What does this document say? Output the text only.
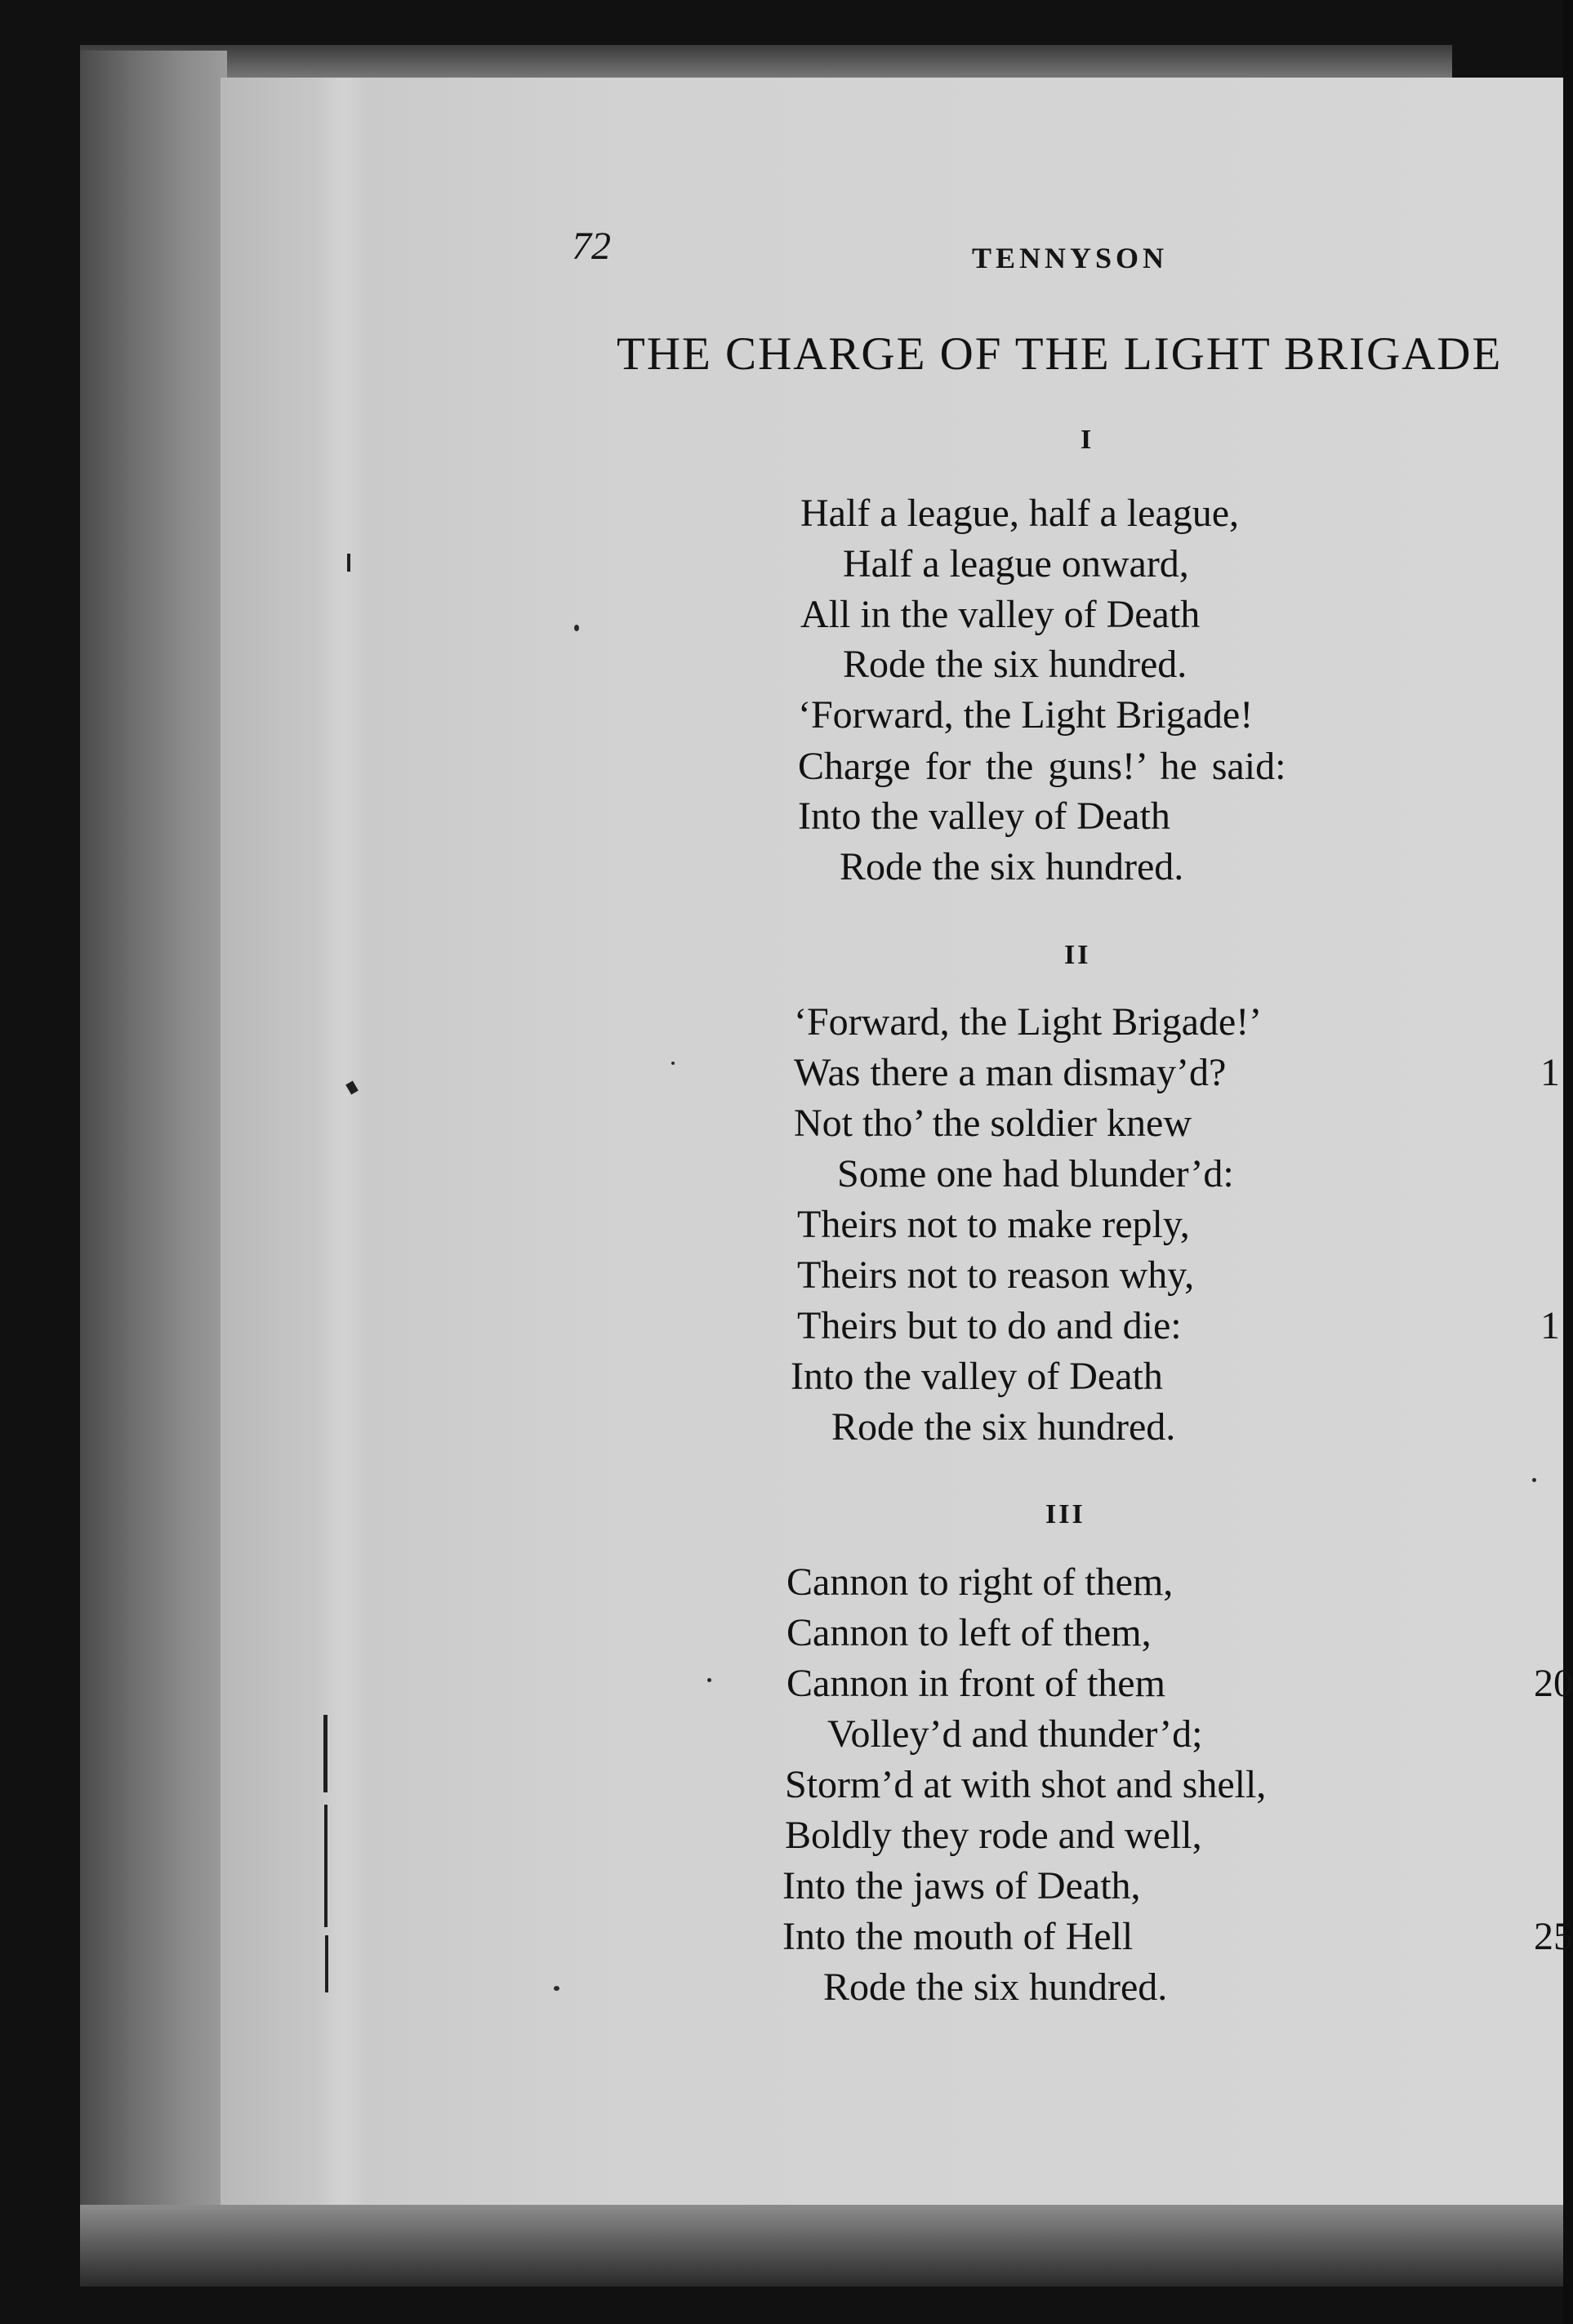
72	TENNYSON
THE CHARGE OF THE LIGHT BRIGADE
I
Half a league, half a league,
Half a league onward,
All in the valley of Death
Rode the six hundred.
‘Forward, the Light Brigade!
Charge for the guns!’ he said:
Into the valley of Death
Rode the six hundred.
II
‘Forward, the Light Brigade!’
Was there a man dismay’d?
Not tho’ the soldier knew
Some one had blunder’d:
Theirs not to make reply,
Theirs not to reason why,
Theirs but to do and die:
Into the valley of Death
Rode the six hundred.
III
Cannon to right of them,
Cannon to left of them,
Cannon in front of them
Volley’d and thunder’d;
Storm’d at with shot and shell,
Boldly they rode and well,
Into the jaws of Death,
Into the mouth of Hell
Rode the six hundred.
1
1
20
25
